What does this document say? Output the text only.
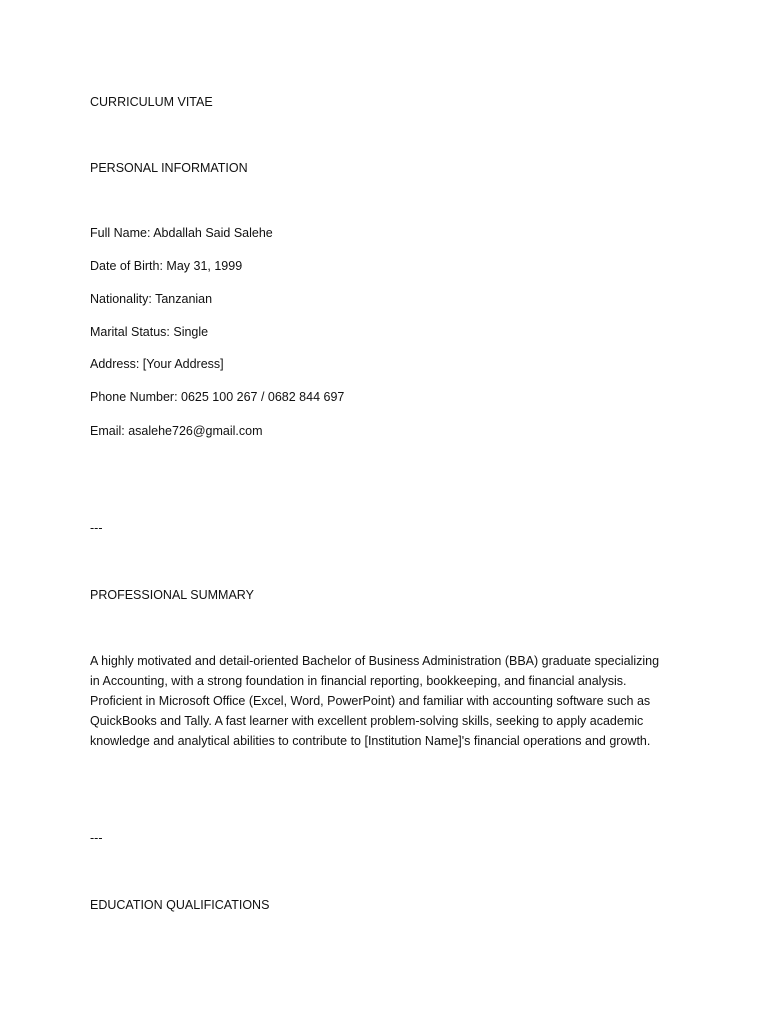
CURRICULUM VITAE
PERSONAL INFORMATION
Full Name: Abdallah Said Salehe
Date of Birth: May 31, 1999
Nationality: Tanzanian
Marital Status: Single
Address: [Your Address]
Phone Number: 0625 100 267 / 0682 844 697
Email: asalehe726@gmail.com
---
PROFESSIONAL SUMMARY
A highly motivated and detail-oriented Bachelor of Business Administration (BBA) graduate specializing
in Accounting, with a strong foundation in financial reporting, bookkeeping, and financial analysis.
Proficient in Microsoft Office (Excel, Word, PowerPoint) and familiar with accounting software such as
QuickBooks and Tally. A fast learner with excellent problem-solving skills, seeking to apply academic
knowledge and analytical abilities to contribute to [Institution Name]'s financial operations and growth.
---
EDUCATION QUALIFICATIONS
